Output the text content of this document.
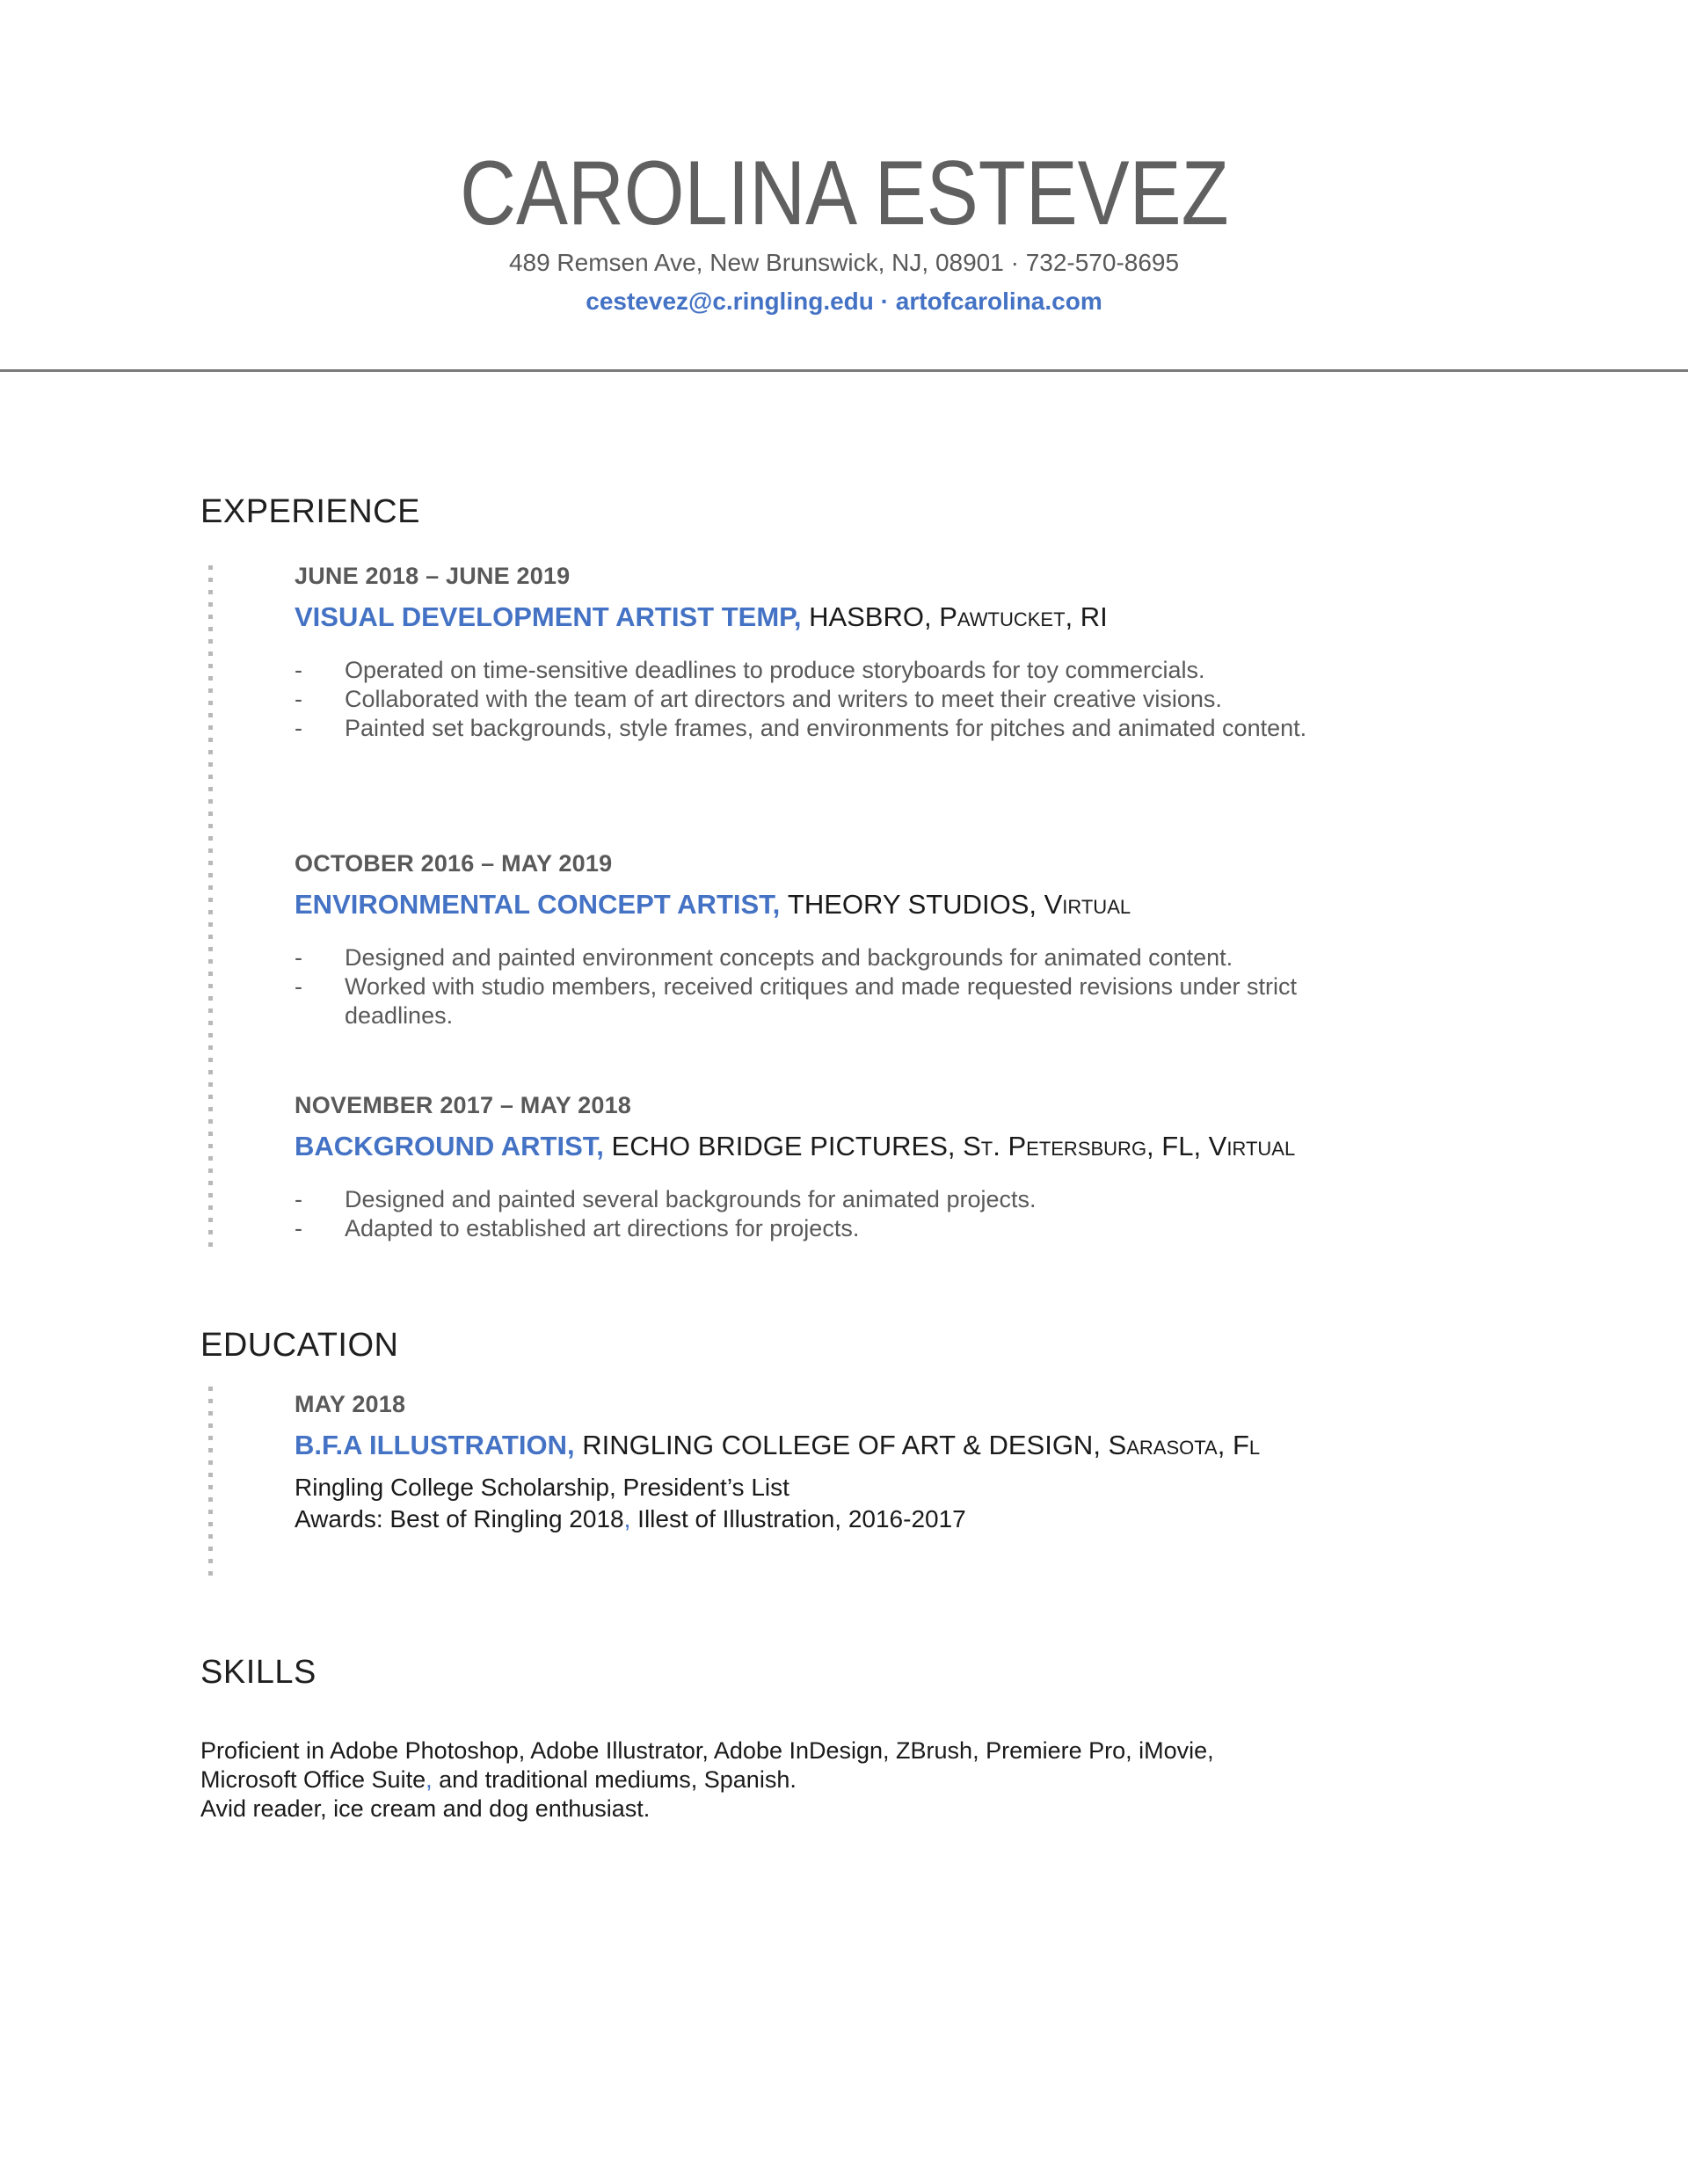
CAROLINA ESTEVEZ
489 Remsen Ave, New Brunswick, NJ, 08901 · 732-570-8695
cestevez@c.ringling.edu · artofcarolina.com
EXPERIENCE
JUNE 2018 – JUNE 2019
VISUAL DEVELOPMENT ARTIST TEMP, HASBRO, Pawtucket, RI
-	Operated on time-sensitive deadlines to produce storyboards for toy commercials.
-	Collaborated with the team of art directors and writers to meet their creative visions.
-	Painted set backgrounds, style frames, and environments for pitches and animated content.
OCTOBER 2016 – MAY 2019
ENVIRONMENTAL CONCEPT ARTIST, THEORY STUDIOS, Virtual
-	Designed and painted environment concepts and backgrounds for animated content.
-	Worked with studio members, received critiques and made requested revisions under strict deadlines.
NOVEMBER 2017 – MAY 2018
BACKGROUND ARTIST, ECHO BRIDGE PICTURES, St. Petersburg, FL, Virtual
-	Designed and painted several backgrounds for animated projects.
-	Adapted to established art directions for projects.
EDUCATION
MAY 2018
B.F.A ILLUSTRATION, RINGLING COLLEGE OF ART & DESIGN, Sarasota, Fl
Ringling College Scholarship, President’s List
Awards: Best of Ringling 2018, Illest of Illustration, 2016-2017
SKILLS
Proficient in Adobe Photoshop, Adobe Illustrator, Adobe InDesign, ZBrush, Premiere Pro, iMovie,
Microsoft Office Suite, and traditional mediums, Spanish.
Avid reader, ice cream and dog enthusiast.
